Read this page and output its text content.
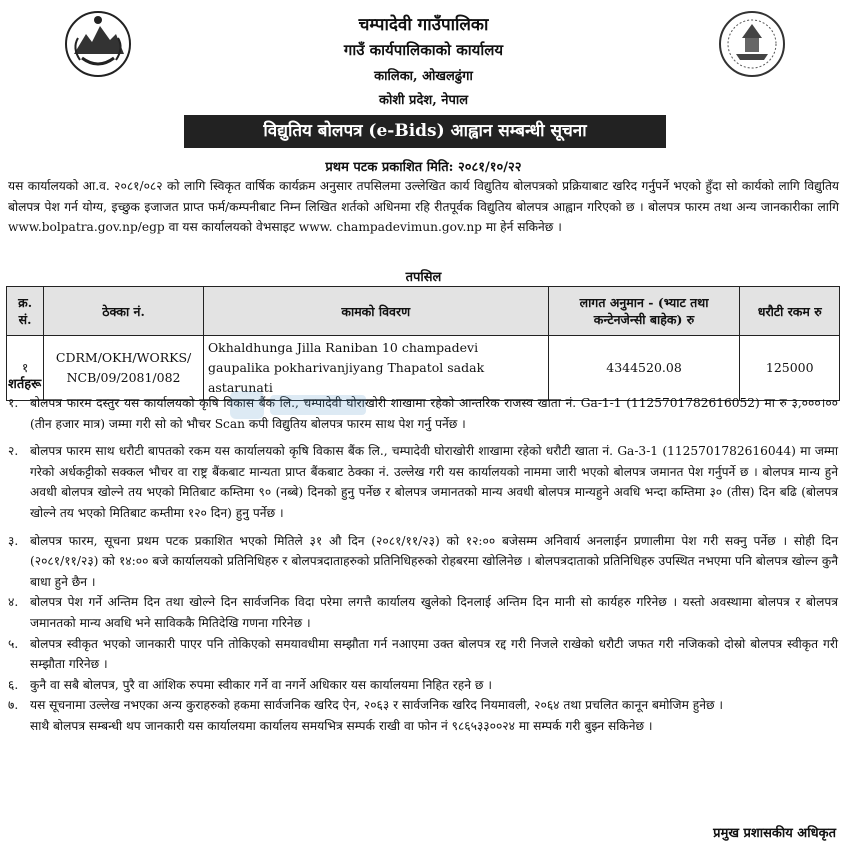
चम्पादेवी गाउँपालिका
गाउँ कार्यपालिकाको कार्यालय
कालिका, ओखलढुंगा
कोशी प्रदेश, नेपाल
विद्युतिय बोलपत्र (e-Bids) आह्वान सम्बन्धी सूचना
प्रथम पटक प्रकाशित मिति: २०८१/१०/२२
यस कार्यालयको आ.व. २०८१/०८२ को लागि स्विकृत वार्षिक कार्यक्रम अनुसार तपसिलमा उल्लेखित कार्य विद्युतिय बोलपत्रको प्रक्रियाबाट खरिद गर्नुपर्ने भएको हुँदा सो कार्यको लागि विद्युतिय बोलपत्र पेश गर्न योग्य, इच्छुक इजाजत प्राप्त फर्म/कम्पनीबाट निम्न लिखित शर्तको अधिनमा रहि रीतपूर्वक विद्युतिय बोलपत्र आह्वान गरिएको छ । बोलपत्र फारम तथा अन्य जानकारीका लागि www.bolpatra.gov.np/egp वा यस कार्यालयको वेभसाइट www. champadevimun.gov.np मा हेर्न सकिनेछ ।
तपसिल
क्र. सं.	ठेक्का नं.	कामको विवरण	लागत अनुमान - (भ्याट तथा कन्टेनजेन्सी बाहेक) रु	धरौटी रकम रु
१	CDRM/OKH/WORKS/ NCB/09/2081/082	Okhaldhunga Jilla Raniban 10 champadevi gaupalika pokharivanjiyang Thapatol sadak astarunati	4344520.08	125000
शर्तहरू
१. बोलपत्र फारम दस्तुर यस कार्यालयको कृषि विकास बैंक लि., चम्पादेवी घोराखोरी शाखामा रहेको आन्तरिक राजस्व खाता नं. Ga-1-1 (1125701782616052) मा रु ३,०००।०० (तीन हजार मात्र) जम्मा गरी सो को भौचर Scan कपी विद्युतिय बोलपत्र फारम साथ पेश गर्नु पर्नेछ ।
२. बोलपत्र फारम साथ धरौटी बापतको रकम यस कार्यालयको कृषि विकास बैंक लि., चम्पादेवी घोराखोरी शाखामा रहेको धरौटी खाता नं. Ga-3-1 (1125701782616044) मा जम्मा गरेको अर्धकट्टीको सक्कल भौचर वा राष्ट्र बैंकबाट मान्यता प्राप्त बैंकबाट ठेक्का नं. उल्लेख गरी यस कार्यालयको नाममा जारी भएको बोलपत्र जमानत पेश गर्नुपर्ने छ । बोलपत्र मान्य हुने अवधी बोलपत्र खोल्ने तय भएको मितिबाट कम्तिमा ९० (नब्बे) दिनको हुनु पर्नेछ र बोलपत्र जमानतको मान्य अवधी बोलपत्र मान्यहुने अवधि भन्दा कम्तिमा ३० (तीस) दिन बढि (बोलपत्र खोल्ने तय भएको मितिबाट कम्तीमा १२० दिन) हुनु पर्नेछ ।
३. बोलपत्र फारम, सूचना प्रथम पटक प्रकाशित भएको मितिले ३१ औ दिन (२०८१/११/२३) को १२:०० बजेसम्म अनिवार्य अनलाईन प्रणालीमा पेश गरी सक्नु पर्नेछ । सोही दिन (२०८१/११/२३) को १४:०० बजे कार्यालयको प्रतिनिधिहरु र बोलपत्रदाताहरुको प्रतिनिधिहरुको रोहबरमा खोलिनेछ । बोलपत्रदाताको प्रतिनिधिहरु उपस्थित नभएमा पनि बोलपत्र खोल्न कुनै बाधा हुने छैन ।
४. बोलपत्र पेश गर्ने अन्तिम दिन तथा खोल्ने दिन सार्वजनिक विदा परेमा लगत्तै कार्यालय खुलेको दिनलाई अन्तिम दिन मानी सो कार्यहरु गरिनेछ । यस्तो अवस्थामा बोलपत्र र बोलपत्र जमानतको मान्य अवधि भने साविककै मितिदेखि गणना गरिनेछ ।
५. बोलपत्र स्वीकृत भएको जानकारी पाएर पनि तोकिएको समयावधीमा सम्झौता गर्न नआएमा उक्त बोलपत्र रद्द गरी निजले राखेको धरौटी जफत गरी नजिकको दोस्रो बोलपत्र स्वीकृत गरी सम्झौता गरिनेछ ।
६. कुनै वा सबै बोलपत्र, पुरै वा आंशिक रुपमा स्वीकार गर्ने वा नगर्ने अधिकार यस कार्यालयमा निहित रहने छ ।
७. यस सूचनामा उल्लेख नभएका अन्य कुराहरुको हकमा सार्वजनिक खरिद ऐन, २०६३ र सार्वजनिक खरिद नियमावली, २०६४ तथा प्रचलित कानून बमोजिम हुनेछ ।
साथै बोलपत्र सम्बन्धी थप जानकारी यस कार्यालयमा कार्यालय समयभित्र सम्पर्क राखी वा फोन नं ९८६५३३००२४ मा सम्पर्क गरी बुझ्न सकिनेछ ।
प्रमुख प्रशासकीय अधिकृत
